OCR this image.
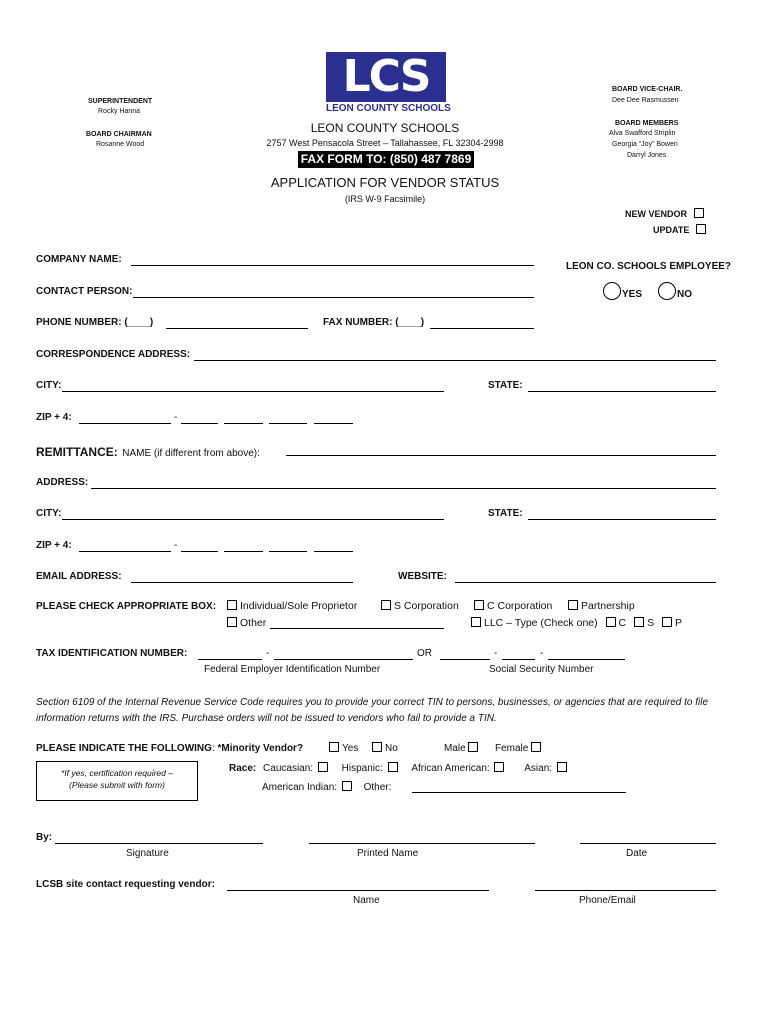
SUPERINTENDENT
Rocky Hanna
BOARD CHAIRMAN
Rosanne Wood
LCS
LEON COUNTY SCHOOLS
BOARD VICE-CHAIR.
Dee Dee Rasmussen
BOARD MEMBERS
Alva Swafford Striplin
Georgia “Joy” Bowen
Darryl Jones
LEON COUNTY SCHOOLS
2757 West Pensacola Street – Tallahassee, FL 32304-2998
FAX FORM TO: (850) 487 7869
APPLICATION FOR VENDOR STATUS
(IRS W-9 Facsimile)
NEW VENDOR
UPDATE
COMPANY NAME:
LEON CO. SCHOOLS EMPLOYEE?
CONTACT PERSON:	YES	NO
PHONE NUMBER: (____)	FAX NUMBER: (____)
CORRESPONDENCE ADDRESS:
CITY:	STATE:
ZIP + 4:	-
REMITTANCE: NAME (if different from above):
ADDRESS:
CITY:	STATE:
ZIP + 4:	-
EMAIL ADDRESS:	WEBSITE:
PLEASE CHECK APPROPRIATE BOX:	Individual/Sole Proprietor	S Corporation	C Corporation	Partnership
Other	LLC – Type (Check one) C S P
TAX IDENTIFICATION NUMBER:	-	OR	-	-
Federal Employer Identification Number	Social Security Number
Section 6109 of the Internal Revenue Service Code requires you to provide your correct TIN to persons, businesses, or agencies that are required to file information returns with the IRS. Purchase orders will not be issued to vendors who fail to provide a TIN.
PLEASE INDICATE THE FOLLOWING: *Minority Vendor?	Yes	No	Male	Female
*If yes, certification required –
(Please submit with form)
Race: Caucasian:	Hispanic:	African American:	Asian:
American Indian:	Other:
By:
Signature	Printed Name	Date
LCSB site contact requesting vendor:
Name	Phone/Email
